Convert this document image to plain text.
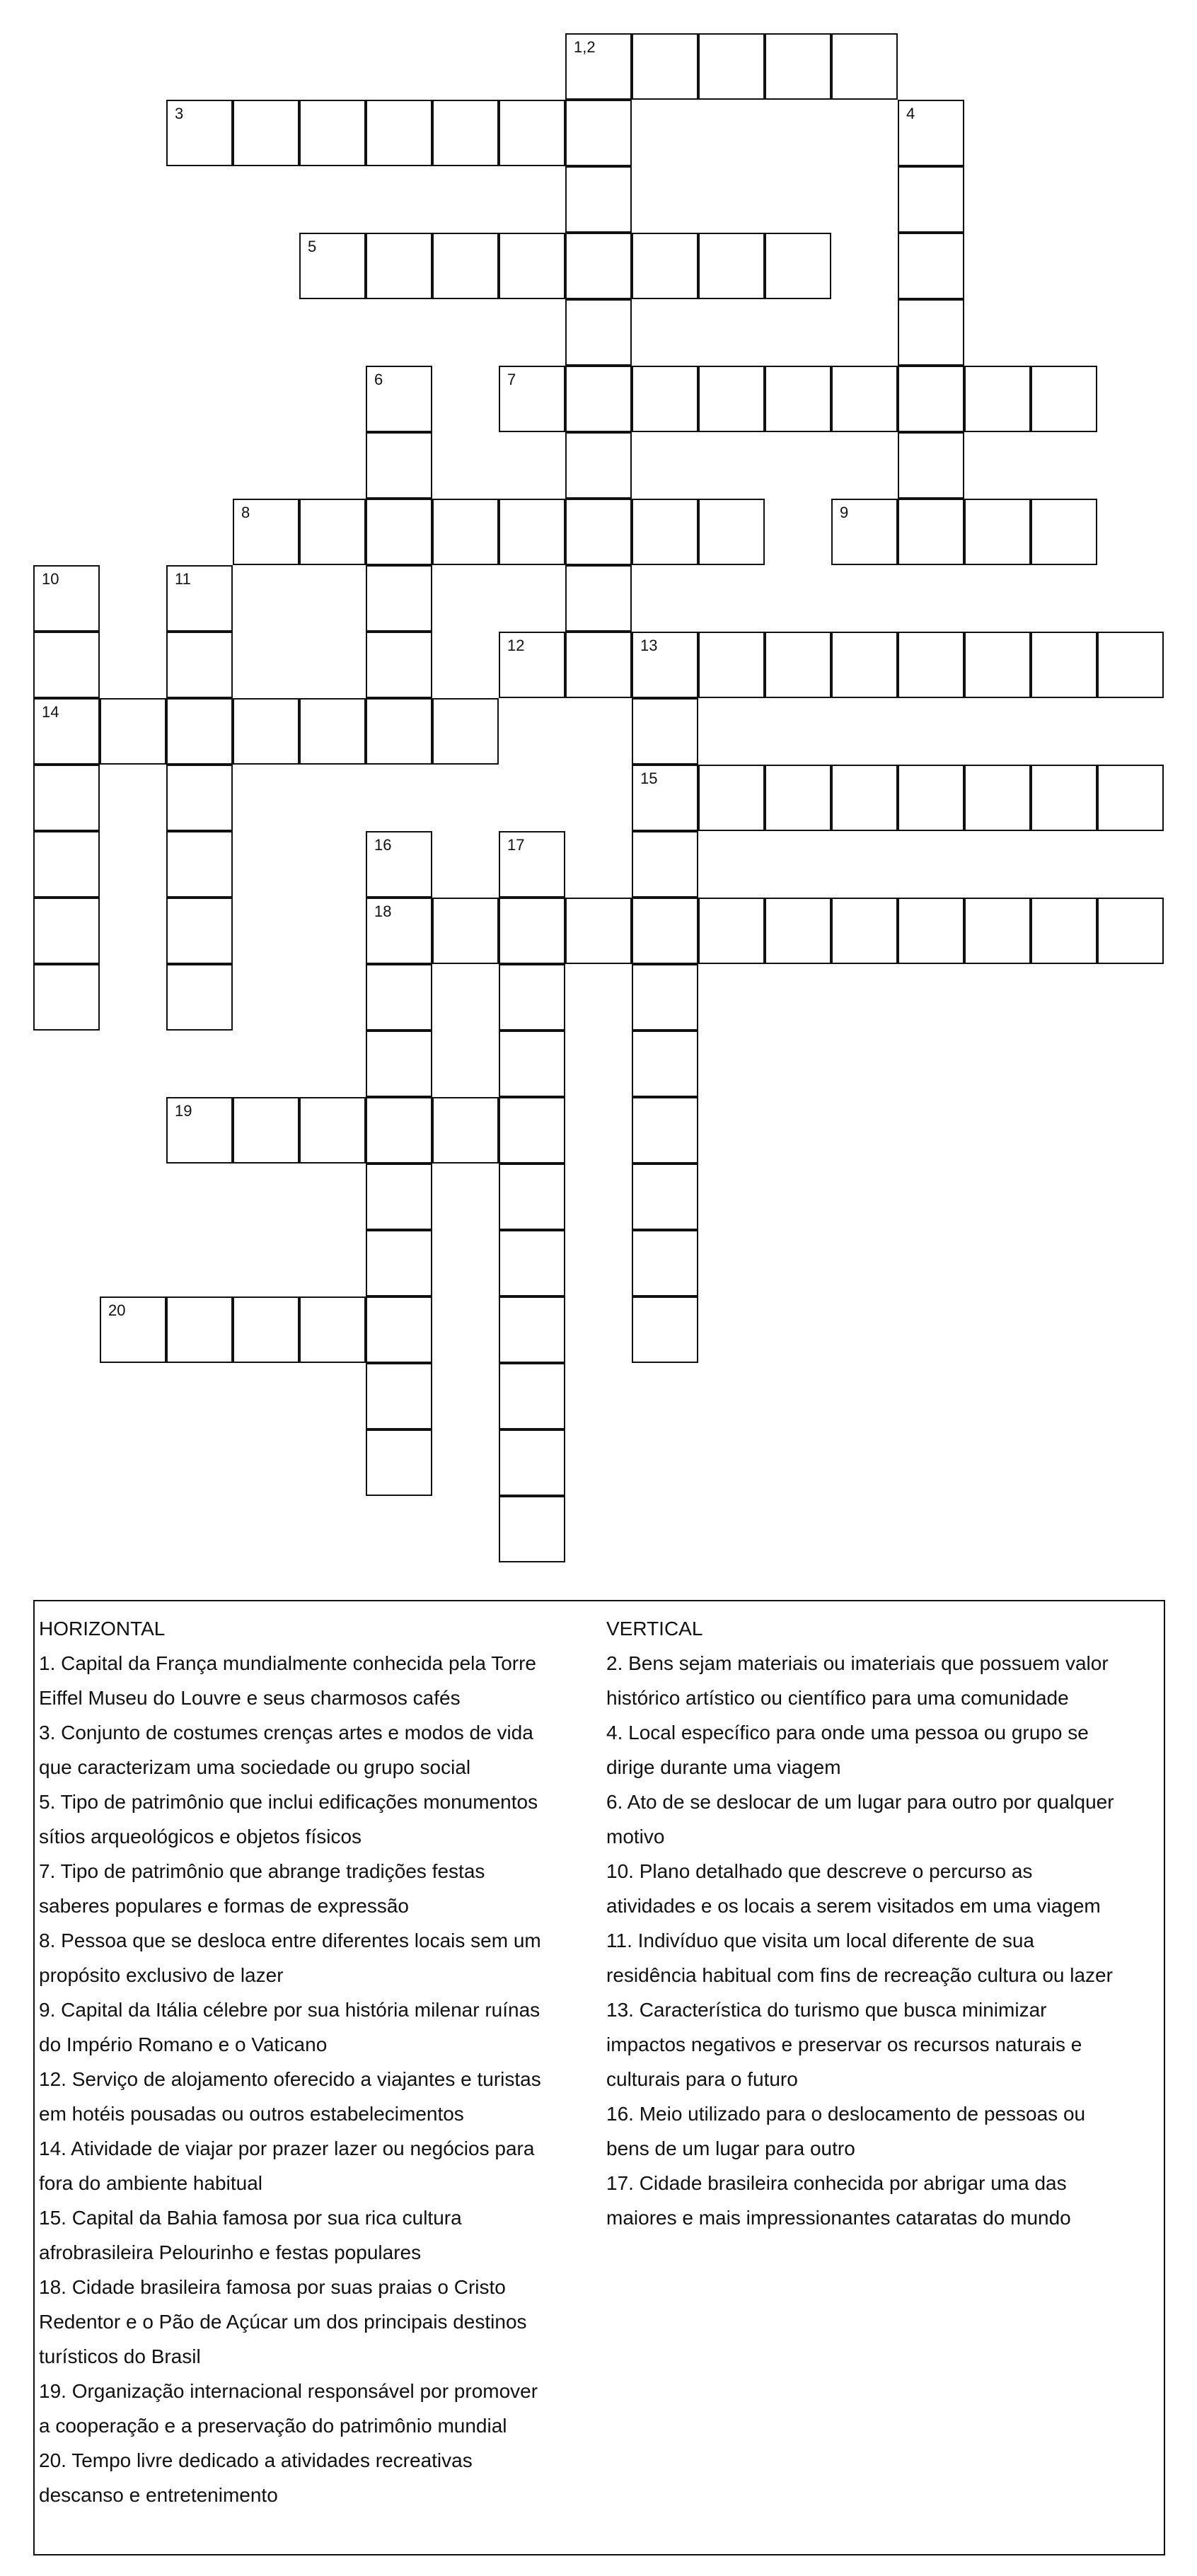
1,2
3	4
5
6	7
8	9
10
14
11
12	13
15
16
18
17
19
20

HORIZONTAL

1. Capital da França mundialmente conhecida pela Torre

Eiffel Museu do Louvre e seus charmosos cafés

3. Conjunto de costumes crenças artes e modos de vida

que caracterizam uma sociedade ou grupo social

5. Tipo de patrimônio que inclui edificações monumentos

sítios arqueológicos e objetos físicos

7. Tipo de patrimônio que abrange tradições festas

saberes populares e formas de expressão

8. Pessoa que se desloca entre diferentes locais sem um

propósito exclusivo de lazer

9. Capital da Itália célebre por sua história milenar ruínas

do Império Romano e o Vaticano

12. Serviço de alojamento oferecido a viajantes e turistas

em hotéis pousadas ou outros estabelecimentos

14. Atividade de viajar por prazer lazer ou negócios para

fora do ambiente habitual

15. Capital da Bahia famosa por sua rica cultura

afrobrasileira Pelourinho e festas populares

18. Cidade brasileira famosa por suas praias o Cristo

Redentor e o Pão de Açúcar um dos principais destinos

turísticos do Brasil

19. Organização internacional responsável por promover

a cooperação e a preservação do patrimônio mundial

20. Tempo livre dedicado a atividades recreativas

descanso e entretenimento

VERTICAL

2. Bens sejam materiais ou imateriais que possuem valor

histórico artístico ou científico para uma comunidade

4. Local específico para onde uma pessoa ou grupo se

dirige durante uma viagem

6. Ato de se deslocar de um lugar para outro por qualquer

motivo

10. Plano detalhado que descreve o percurso as

atividades e os locais a serem visitados em uma viagem

11. Indivíduo que visita um local diferente de sua

residência habitual com fins de recreação cultura ou lazer

13. Característica do turismo que busca minimizar

impactos negativos e preservar os recursos naturais e

culturais para o futuro

16. Meio utilizado para o deslocamento de pessoas ou

bens de um lugar para outro

17. Cidade brasileira conhecida por abrigar uma das

maiores e mais impressionantes cataratas do mundo
